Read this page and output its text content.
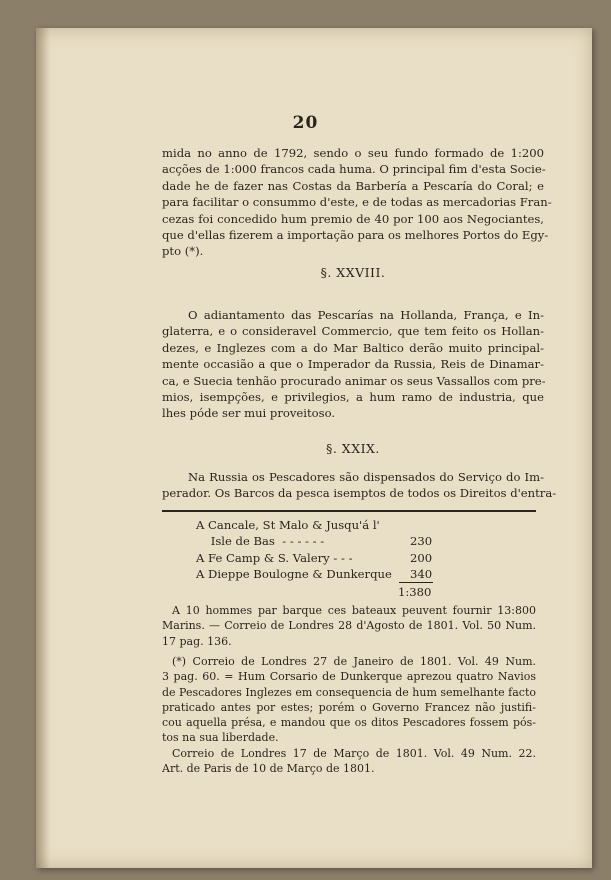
20
mida no anno de 1792, sendo o seu fundo formado de 1:200
acções de 1:000 francos cada huma. O principal fim d'esta Socie-
dade he de fazer nas Costas da Barbería a Pescaría do Coral; e
para facilitar o consummo d'este, e de todas as mercadorias Fran-
cezas foi concedido hum premio de 40 por 100 aos Negociantes,
que d'ellas fizerem a importação para os melhores Portos do Egy-
pto (*).
§. XXVIII.
O adiantamento das Pescarías na Hollanda, França, e In-
glaterra, e o consideravel Commercio, que tem feito os Hollan-
dezes, e Inglezes com a do Mar Baltico derão muito principal-
mente occasião a que o Imperador da Russia, Reis de Dinamar-
ca, e Suecia tenhão procurado animar os seus Vassallos com pre-
mios, isempções, e privilegios, a hum ramo de industria, que
lhes póde ser mui proveitoso.
§. XXIX.
Na Russia os Pescadores são dispensados do Serviço do Im-
perador. Os Barcos da pesca isemptos de todos os Direitos d'entra-
A Cancale, St Malo & Jusqu'á l'
Isle de Bas  - - - - - -	230
A Fe Camp & S. Valery - - -	200
A Dieppe Boulogne & Dunkerque 340
1:380
A 10 hommes par barque ces bateaux peuvent fournir 13:800
Marins. — Correio de Londres 28 d'Agosto de 1801. Vol. 50 Num.
17 pag. 136.
(*) Correio de Londres 27 de Janeiro de 1801. Vol. 49 Num.
3 pag. 60. = Hum Corsario de Dunkerque aprezou quatro Navios
de Pescadores Inglezes em consequencia de hum semelhante facto
praticado antes por estes; porém o Governo Francez não justifi-
cou aquella présa, e mandou que os ditos Pescadores fossem pós-
tos na sua liberdade.
Correio de Londres 17 de Março de 1801. Vol. 49 Num. 22.
Art. de Paris de 10 de Março de 1801.
